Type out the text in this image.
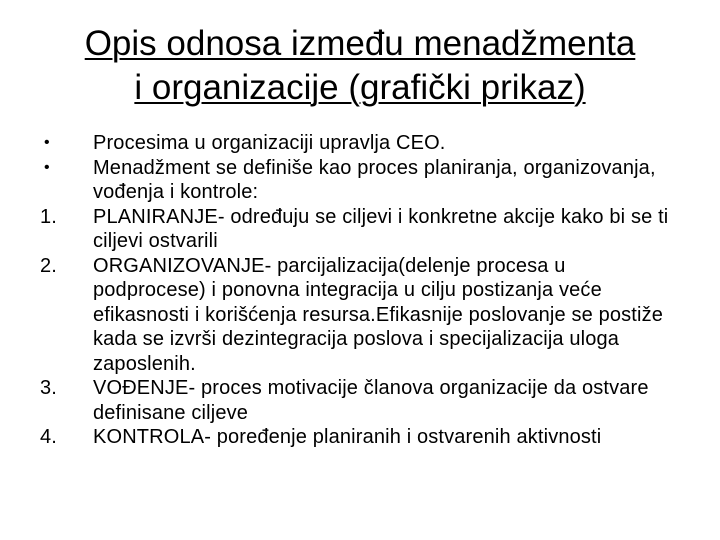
Opis odnosa između menadžmenta
i organizacije (grafički prikaz)
•	Procesima u organizaciji upravlja CEO.
•	Menadžment se definiše kao proces planiranja, organizovanja, vođenja i kontrole:
1.	PLANIRANJE- određuju se ciljevi i konkretne akcije kako bi se ti ciljevi ostvarili
2.	ORGANIZOVANJE- parcijalizacija(delenje procesa u podprocese) i ponovna integracija u cilju postizanja veće efikasnosti i korišćenja resursa.Efikasnije poslovanje se postiže kada se izvrši dezintegracija poslova i specijalizacija uloga zaposlenih.
3.	VOĐENJE- proces motivacije članova organizacije da ostvare definisane ciljeve
4.	KONTROLA- poređenje planiranih i ostvarenih aktivnosti
